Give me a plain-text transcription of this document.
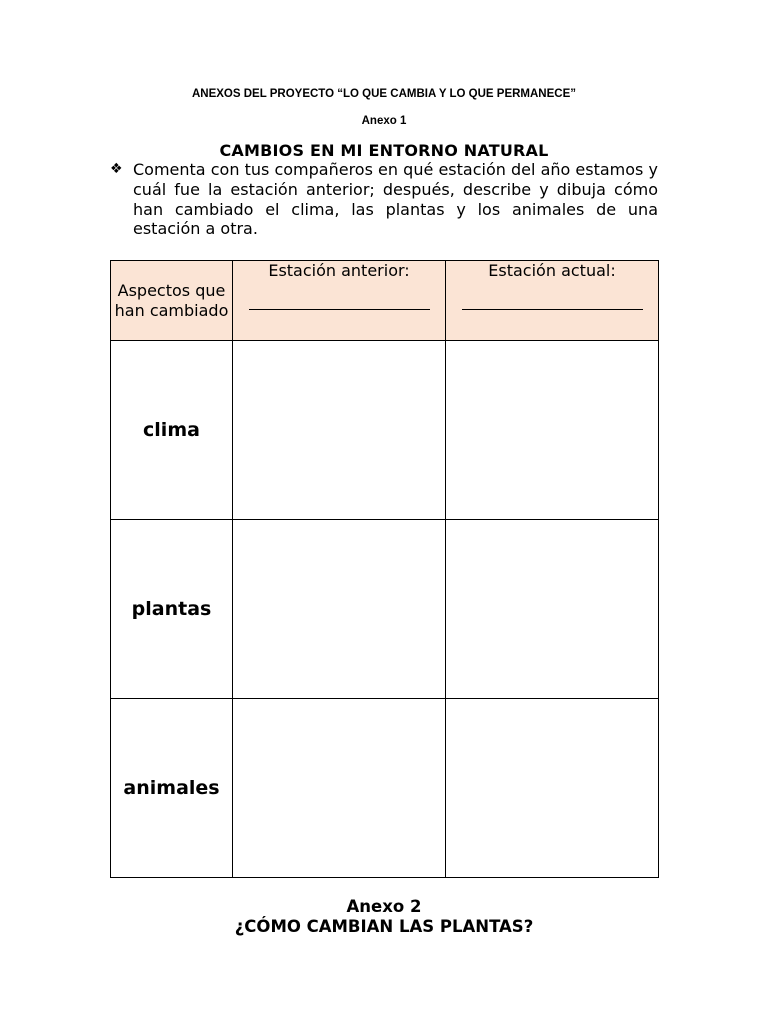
ANEXOS DEL PROYECTO “LO QUE CAMBIA Y LO QUE PERMANECE”
Anexo 1
CAMBIOS EN MI ENTORNO NATURAL
❖ Comenta con tus compañeros en qué estación del año estamos y cuál fue la estación anterior; después, describe y dibuja cómo han cambiado el clima, las plantas y los animales de una estación a otra.
Aspectos que han cambiado	Estación anterior:	Estación actual:

clima		
plantas		
animales		
Anexo 2
¿CÓMO CAMBIAN LAS PLANTAS?
